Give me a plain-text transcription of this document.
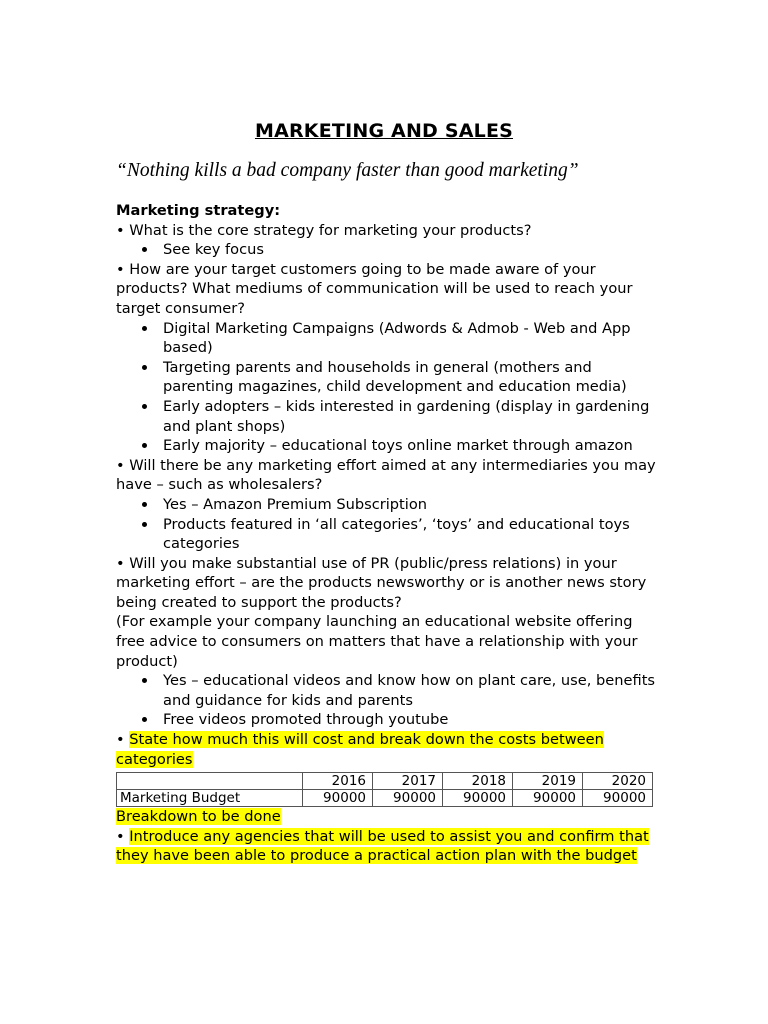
MARKETING AND SALES
“Nothing kills a bad company faster than good marketing”

Marketing strategy:

• What is the core strategy for marketing your products?

See key focus

• How are your target customers going to be made aware of your products? What mediums of communication will be used to reach your target consumer?

Digital Marketing Campaigns (Adwords & Admob - Web and App based)
Targeting parents and households in general (mothers and parenting magazines, child development and education media)
Early adopters – kids interested in gardening (display in gardening and plant shops)
Early majority – educational toys online market through amazon

• Will there be any marketing effort aimed at any intermediaries you may have – such as wholesalers?

Yes – Amazon Premium Subscription
Products featured in ‘all categories’, ‘toys’ and educational toys categories

• Will you make substantial use of PR (public/press relations) in your marketing effort – are the products newsworthy or is another news story being created to support the products?

(For example your company launching an educational website offering free advice to consumers on matters that have a relationship with your product)

Yes – educational videos and know how on plant care, use, benefits and guidance for kids and parents
Free videos promoted through youtube

• State how much this will cost and break down the costs between categories

	2016	2017	2018	2019	2020
Marketing Budget	90000	90000	90000	90000	90000

Breakdown to be done

• Introduce any agencies that will be used to assist you and confirm that they have been able to produce a practical action plan with the budget
